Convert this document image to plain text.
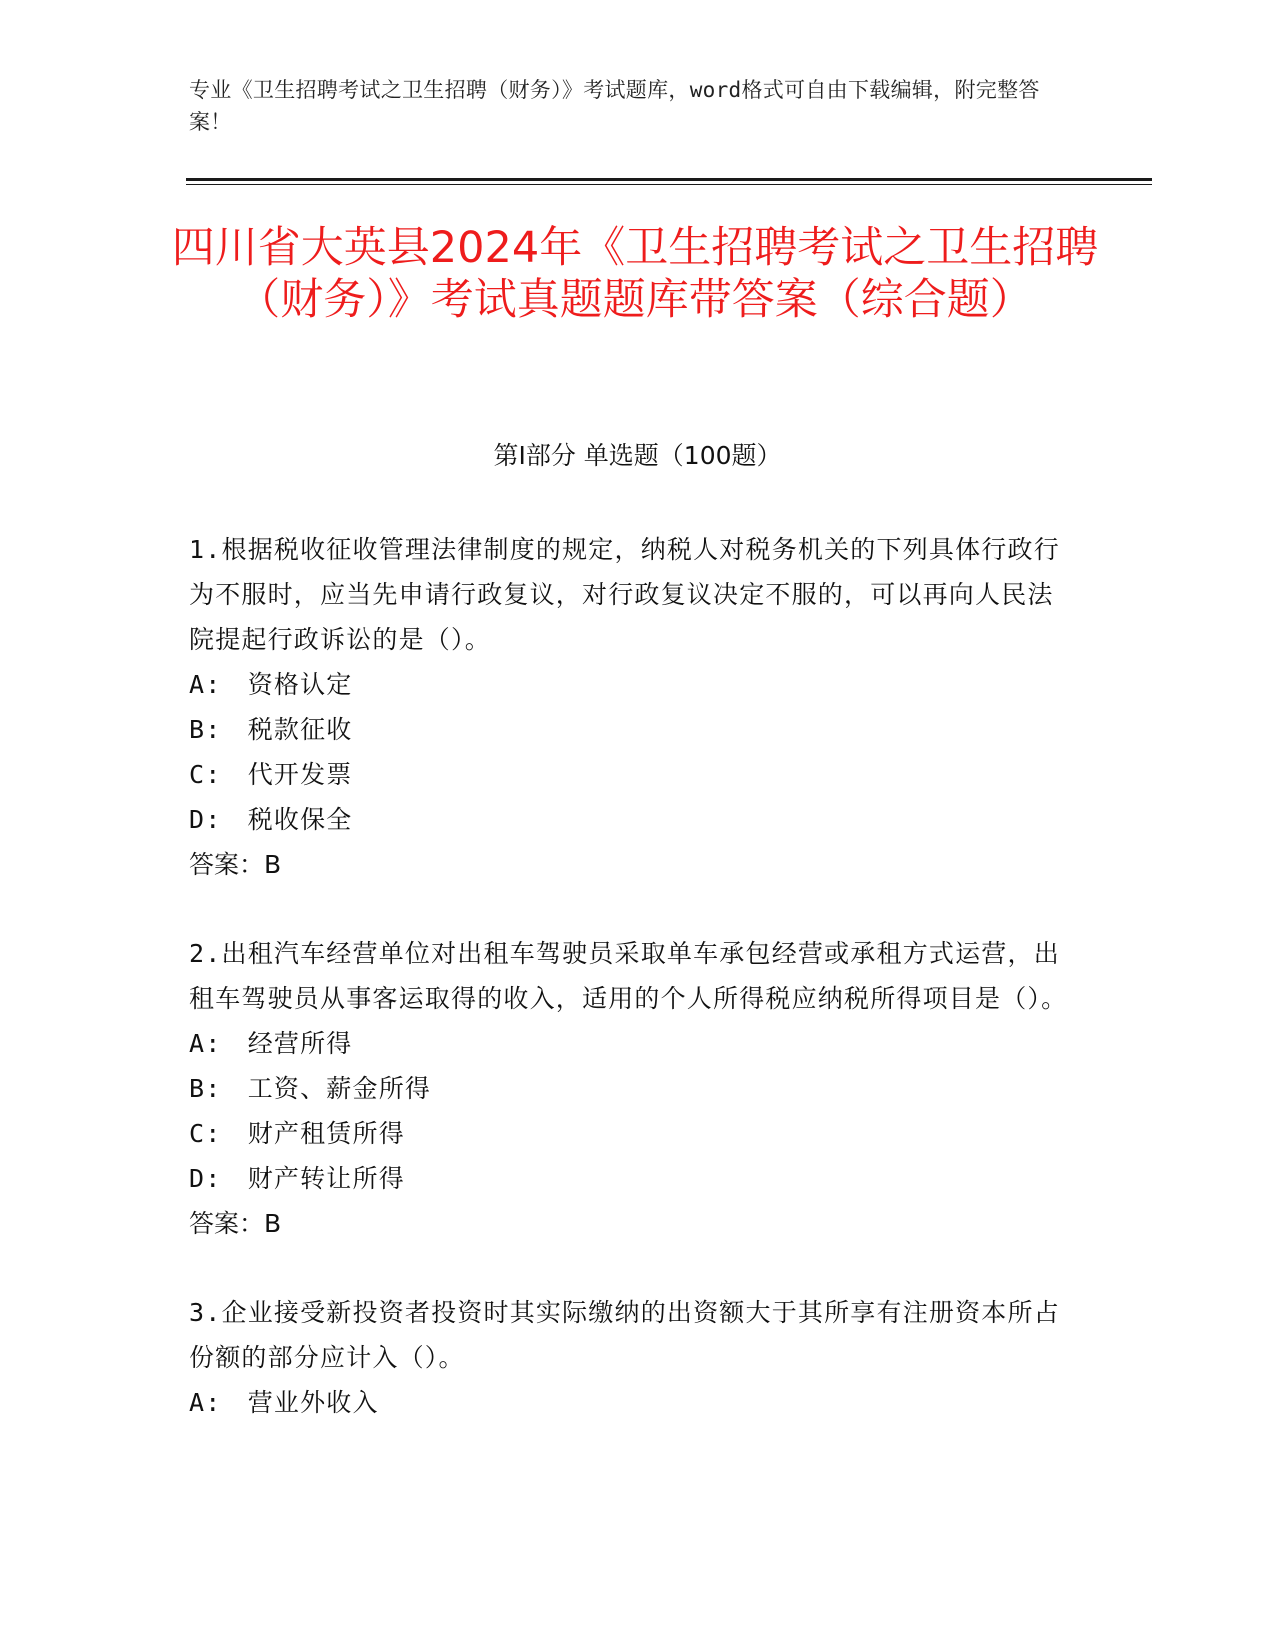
专业《卫生招聘考试之卫生招聘（财务）》考试题库，word格式可自由下载编辑，附完整答案！
四川省大英县2024年《卫生招聘考试之卫生招聘（财务）》考试真题题库带答案（综合题）
第I部分 单选题（100题）

1.根据税收征收管理法律制度的规定，纳税人对税务机关的下列具体行政行为不服时，应当先申请行政复议，对行政复议决定不服的，可以再向人民法院提起行政诉讼的是（）。

A:　资格认定

B:　税款征收

C:　代开发票

D:　税收保全

答案：B

2.出租汽车经营单位对出租车驾驶员采取单车承包经营或承租方式运营，出租车驾驶员从事客运取得的收入，适用的个人所得税应纳税所得项目是（）。

A:　经营所得

B:　工资、薪金所得

C:　财产租赁所得

D:　财产转让所得

答案：B

3.企业接受新投资者投资时其实际缴纳的出资额大于其所享有注册资本所占份额的部分应计入（）。

A:　营业外收入
